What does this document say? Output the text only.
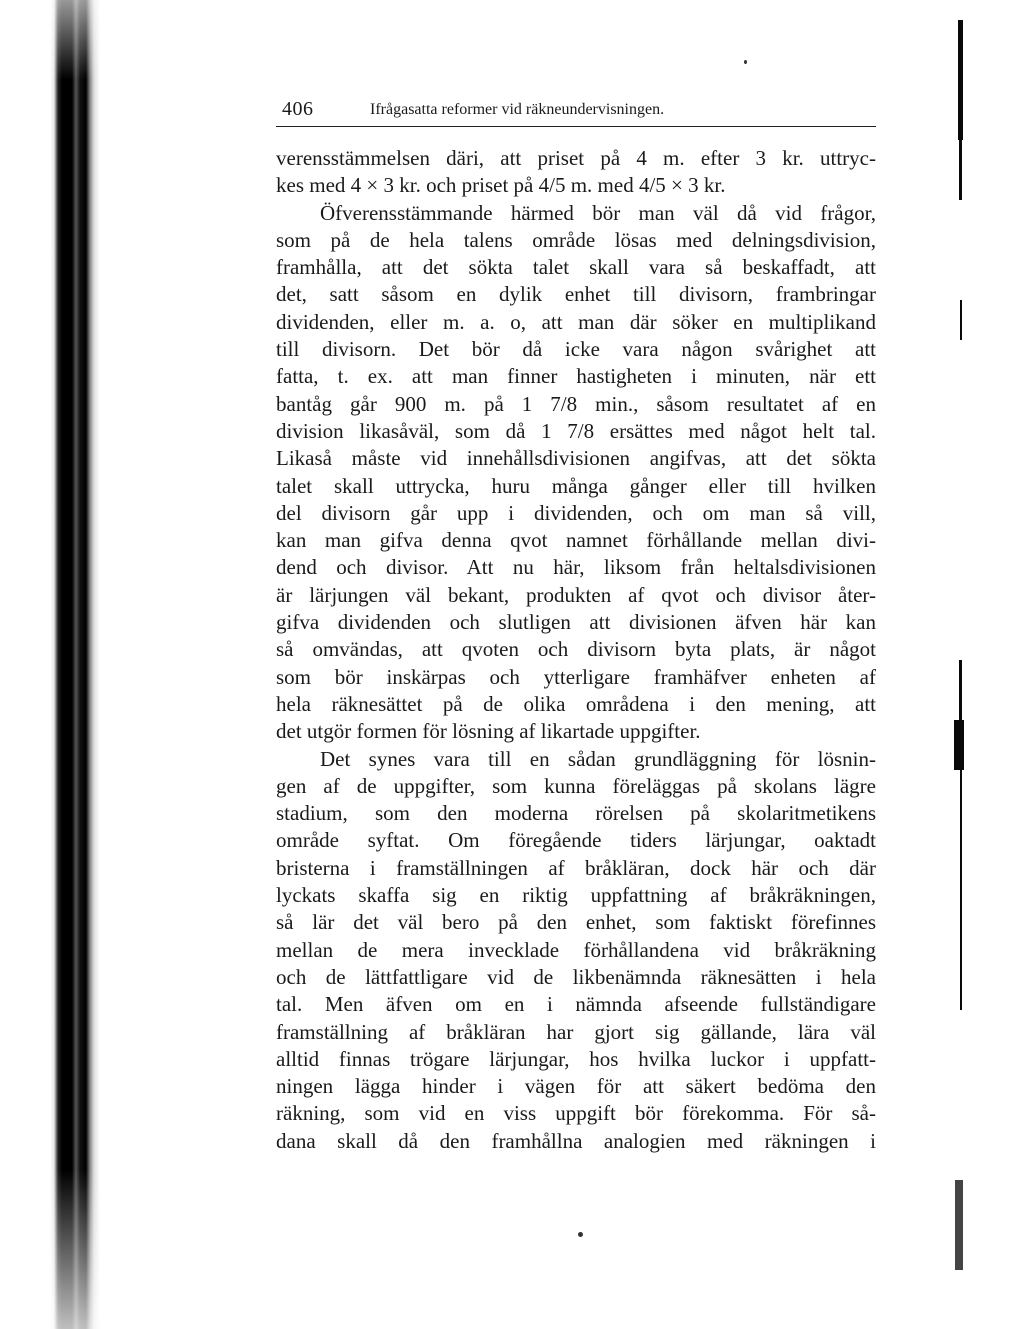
406	Ifrågasatta reformer vid räkneundervisningen.
verensstämmelsen däri, att priset på 4 m. efter 3 kr. uttryc-
kes med 4 × 3 kr. och priset på 4/5 m. med 4/5 × 3 kr.
Öfverensstämmande härmed bör man väl då vid frågor,
som på de hela talens område lösas med delningsdivision,
framhålla, att det sökta talet skall vara så beskaffadt, att
det, satt såsom en dylik enhet till divisorn, frambringar
dividenden, eller m. a. o, att man där söker en multiplikand
till divisorn. Det bör då icke vara någon svårighet att
fatta, t. ex. att man finner hastigheten i minuten, när ett
bantåg går 900 m. på 1 7/8 min., såsom resultatet af en
division likasåväl, som då 1 7/8 ersättes med något helt tal.
Likaså måste vid innehållsdivisionen angifvas, att det sökta
talet skall uttrycka, huru många gånger eller till hvilken
del divisorn går upp i dividenden, och om man så vill,
kan man gifva denna qvot namnet förhållande mellan divi-
dend och divisor. Att nu här, liksom från heltalsdivisionen
är lärjungen väl bekant, produkten af qvot och divisor åter-
gifva dividenden och slutligen att divisionen äfven här kan
så omvändas, att qvoten och divisorn byta plats, är något
som bör inskärpas och ytterligare framhäfver enheten af
hela räknesättet på de olika områdena i den mening, att
det utgör formen för lösning af likartade uppgifter.
Det synes vara till en sådan grundläggning för lösnin-
gen af de uppgifter, som kunna föreläggas på skolans lägre
stadium, som den moderna rörelsen på skolaritmetikens
område syftat. Om föregående tiders lärjungar, oaktadt
bristerna i framställningen af bråkläran, dock här och där
lyckats skaffa sig en riktig uppfattning af bråkräkningen,
så lär det väl bero på den enhet, som faktiskt förefinnes
mellan de mera invecklade förhållandena vid bråkräkning
och de lättfattligare vid de likbenämnda räknesätten i hela
tal. Men äfven om en i nämnda afseende fullständigare
framställning af bråkläran har gjort sig gällande, lära väl
alltid finnas trögare lärjungar, hos hvilka luckor i uppfatt-
ningen lägga hinder i vägen för att säkert bedöma den
räkning, som vid en viss uppgift bör förekomma. För så-
dana skall då den framhållna analogien med räkningen i
